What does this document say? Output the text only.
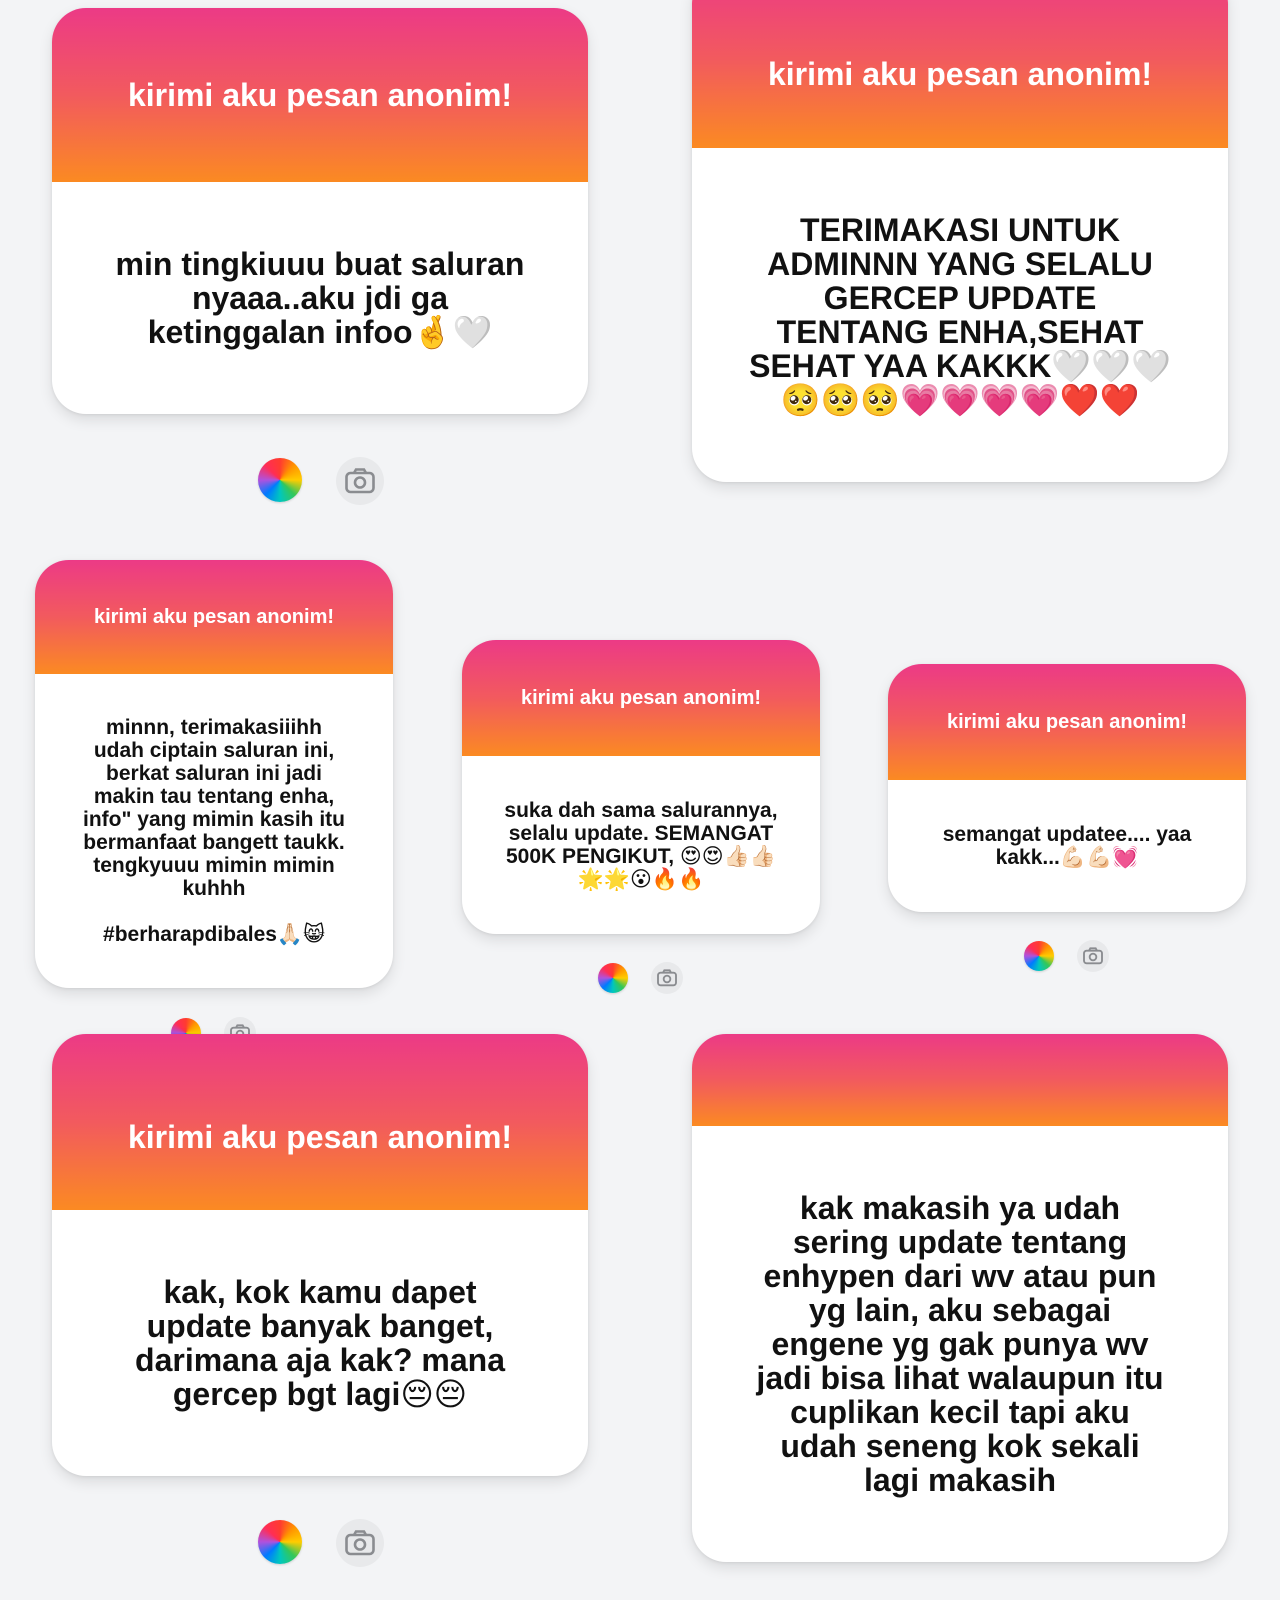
kirimi aku pesan anonim!
min tingkiuuu buat saluran
nyaaa..aku jdi ga
ketinggalan infoo🤞🤍
kirimi aku pesan anonim!
TERIMAKASI UNTUK
ADMINNN YANG SELALU
GERCEP UPDATE
TENTANG ENHA,SEHAT
SEHAT YAA KAKKK🤍🤍🤍
🥺🥺🥺💗💗💗💗❤️❤️
kirimi aku pesan anonim!
minnn, terimakasiiihh
udah ciptain saluran ini,
berkat saluran ini jadi
makin tau tentang enha,
info" yang mimin kasih itu
bermanfaat bangett taukk.
tengkyuuu mimin mimin
kuhhh

#berharapdibales🙏🏻😸
kirimi aku pesan anonim!
suka dah sama salurannya,
selalu update. SEMANGAT
500K PENGIKUT, 😍😍👍🏻👍🏻
🌟🌟😮🔥🔥
kirimi aku pesan anonim!
semangat updatee.... yaa
kakk...💪🏻💪🏻💓
kirimi aku pesan anonim!
kak, kok kamu dapet
update banyak banget,
darimana aja kak? mana
gercep bgt lagi😔😔
kak makasih ya udah
sering update tentang
enhypen dari wv atau pun
yg lain, aku sebagai
engene yg gak punya wv
jadi bisa lihat walaupun itu
cuplikan kecil tapi aku
udah seneng kok sekali
lagi makasih
